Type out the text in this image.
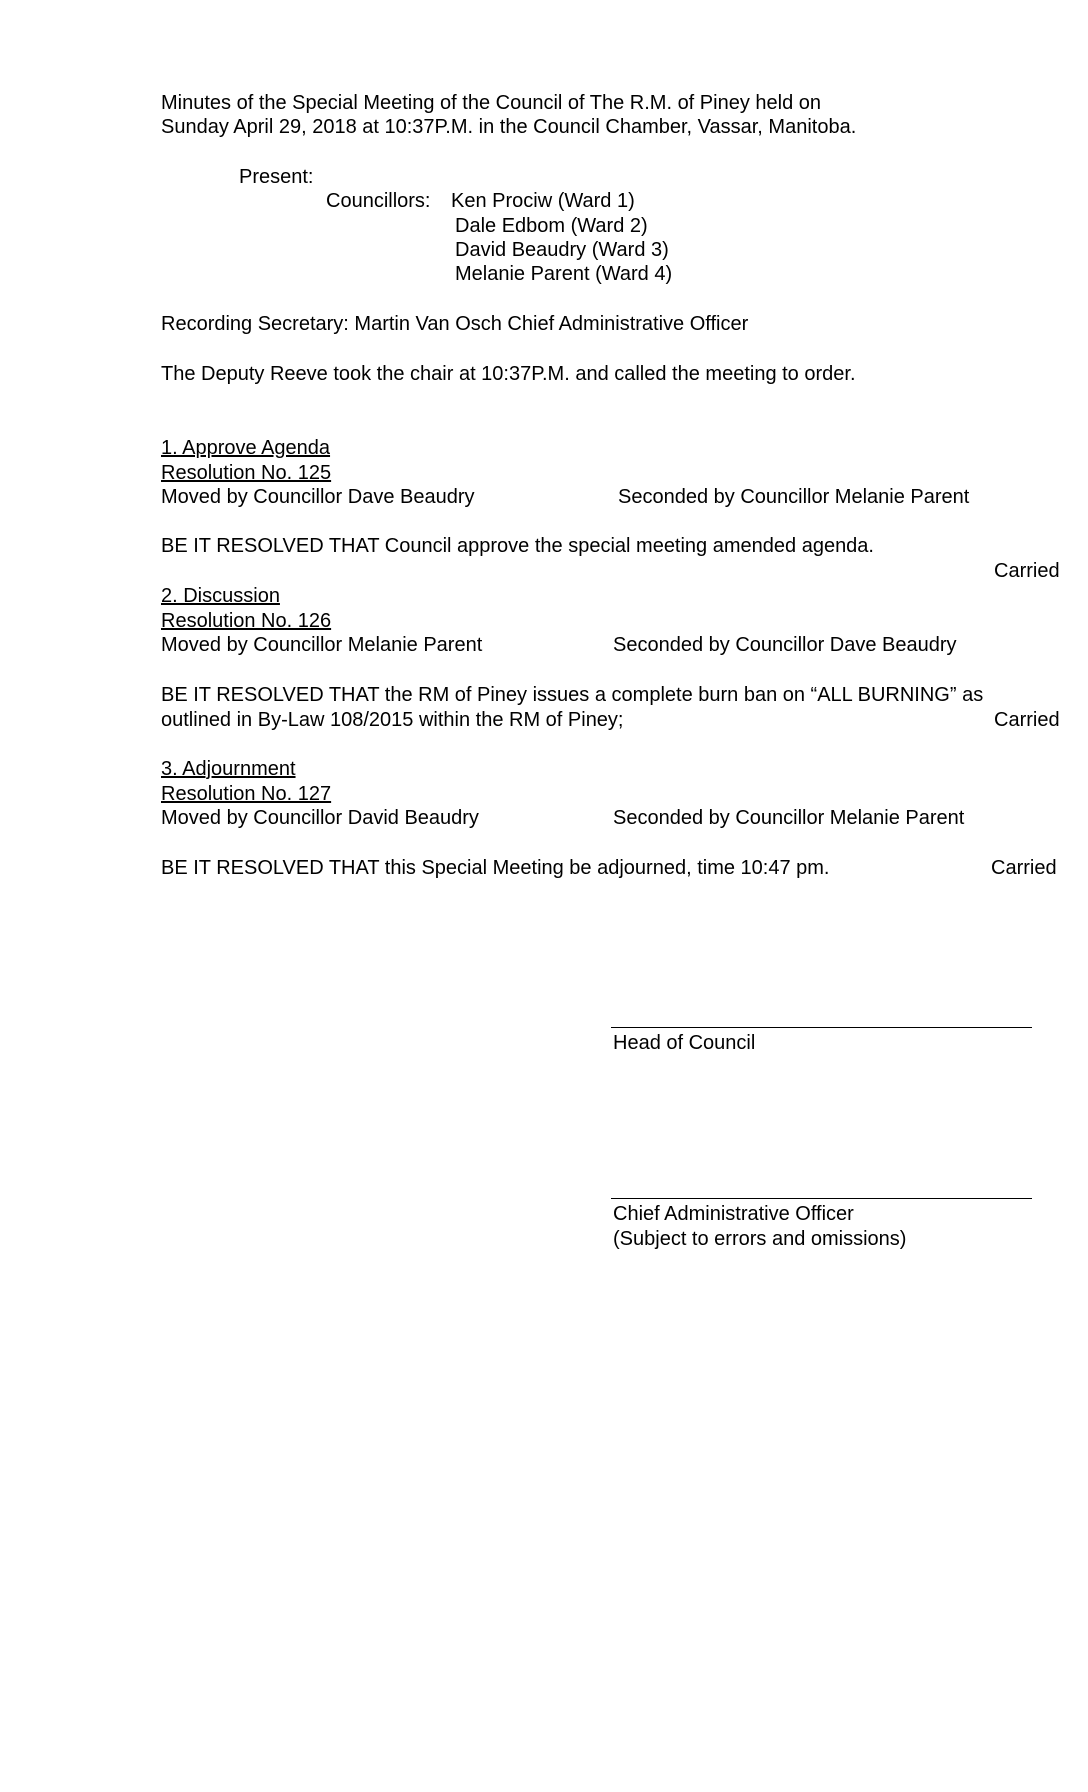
Minutes of the Special Meeting of the Council of The R.M. of Piney held on
Sunday April 29, 2018 at 10:37P.M. in the Council Chamber, Vassar, Manitoba.
Present:
Councillors: Ken Prociw (Ward 1)
Dale Edbom (Ward 2)
David Beaudry (Ward 3)
Melanie Parent (Ward 4)
Recording Secretary: Martin Van Osch Chief Administrative Officer
The Deputy Reeve took the chair at 10:37P.M. and called the meeting to order.
1. Approve Agenda
Resolution No. 125
Moved by Councillor Dave Beaudry	Seconded by Councillor Melanie Parent
BE IT RESOLVED THAT Council approve the special meeting amended agenda.
Carried
2. Discussion
Resolution No. 126
Moved by Councillor Melanie Parent	Seconded by Councillor Dave Beaudry
BE IT RESOLVED THAT the RM of Piney issues a complete burn ban on “ALL BURNING” as
outlined in By-Law 108/2015 within the RM of Piney;	Carried
3. Adjournment
Resolution No. 127
Moved by Councillor David Beaudry	Seconded by Councillor Melanie Parent
BE IT RESOLVED THAT this Special Meeting be adjourned, time 10:47 pm.	Carried
Head of Council
Chief Administrative Officer
(Subject to errors and omissions)
